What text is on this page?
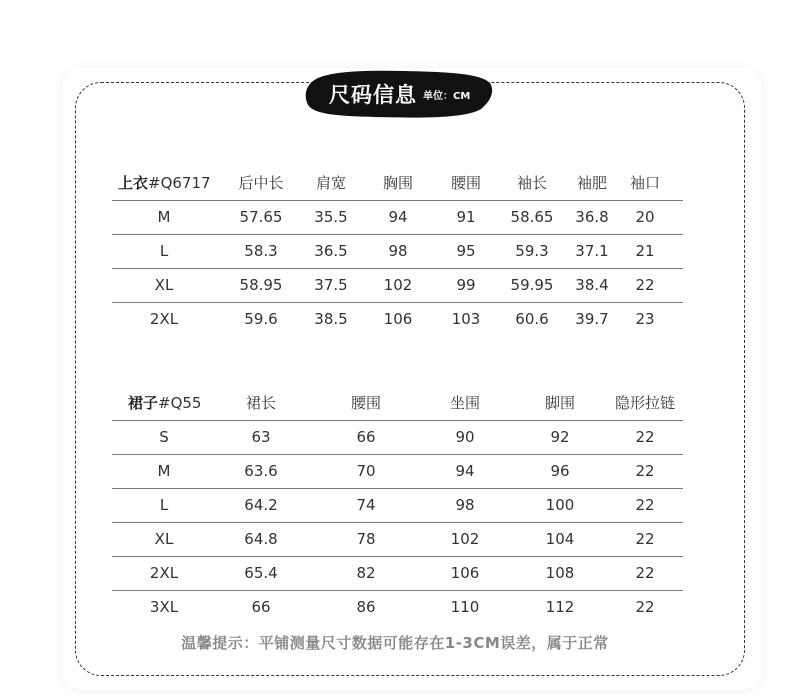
尺码信息 单位：CM
上衣#Q6717 后中长 肩宽 胸围	腰围 袖长 袖肥 袖口
M	57.65 35.5	94	91 58.65 36.8 20
L	58.3 36.5	98	95	59.3 37.1 21
XL	58.95 37.5 102	99 59.95 38.4 22
2XL	59.6 38.5 106	103 60.6 39.7 23
裙子#Q55	裙长	腰围	坐围	脚围	隐形拉链
S	63	66	90	92	22
M	63.6	70	94	96	22
L	64.2	74	98	100	22
XL	64.8	78	102	104	22
2XL	65.4	82	106	108	22
3XL	66	86	110	112	22
温馨提示：平铺测量尺寸数据可能存在1-3CM误差，属于正常
